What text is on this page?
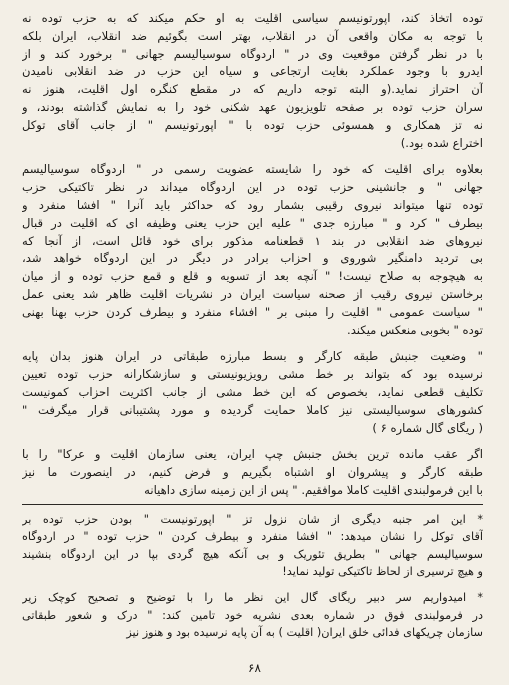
توده اتخاذ کند، اپورتونیسم سیاسی اقلیت به او حکم میکند که به حزب توده نه
با توجه به مکان واقعی آن در انقلاب، بهتر است بگوئیم ضد انقلاب، ایران بلکه
با در نظر گرفتن موقعیت وی در " اردوگاه سوسیالیسم جهانی " برخورد کند و از
ایدرو با وجود عملکرد بغایت ارتجاعی و سیاه این حزب در ضد انقلابی نامیدن
آن احتراز نماید.(و البته توجه داریم که در مقطع کنگره اول اقلیت، هنوز نه
سران حزب توده بر صفحه تلویزیون عهد شکنی خود را به نمایش گذاشته بودند، و
نه تز همکاری و همسوئی حزب توده با " اپورتونیسم " از جانب آقای توکل
اختراع شده بود.)
بعلاوه برای اقلیت که خود را شایسته عضویت رسمی در " اردوگاه سوسیالیسم
جهانی " و جانشینی حزب توده در این اردوگاه میداند در نظر تاکتیکی حزب
توده تنها میتواند نیروی رقیبی بشمار رود که حداکثر باید آنرا " افشا منفرد و
بیطرف " کرد و " مبارزه جدی " علیه این حزب یعنی وظیفه ای که اقلیت در قبال
نیروهای ضد انقلابی در بند ۱ قطعنامه مذکور برای خود قائل است، از آنجا که
بی تردید دامنگیر شوروی و احزاب برادر در دیگر در این اردوگاه خواهد شد،
به هیچوجه به صلاح نیست! " آنچه بعد از تسویه و قلع و قمع حزب توده و از میان
برخاستن نیروی رقیب از صحنه سیاست ایران در نشریات اقلیت ظاهر شد یعنی عمل
" سیاست عمومی " اقلیت را مبنی بر " افشاء منفرد و بیطرف کردن حزب بهنا بهنی
توده " بخوبی منعکس میکند.
" وضعیت جنبش طبقه کارگر و بسط مبارزه طبقاتی در ایران هنوز بدان پایه
نرسیده بود که بتواند بر خط مشی رویزیونیستی و سازشکارانه حزب توده تعیین
تکلیف قطعی نماید، بخصوص که این خط مشی از جانب اکثریت احزاب کمونیست
کشورهای سوسیالیستی نیز کاملا حمایت گردیده و مورد پشتیبانی قرار میگرفت "
( ریگای گال شماره ۶ )
اگر عقب مانده ترین بخش جنبش چپ ایران، یعنی سازمان اقلیت و عرکا" را با
طبقه کارگر و پیشروان او اشتباه بگیریم و فرض کنیم، در اینصورت ما نیز
با این فرمولبندی اقلیت کاملا موافقیم. " پس از این زمینه سازی داهیانه
* این امر جنبه دیگری از شان نزول تز " اپورتونیست " بودن حزب توده بر
آقای توکل را نشان میدهد: " افشا منفرد و بیطرف کردن " حزب توده " در اردوگاه
سوسیالیسم جهانی " بطریق تئوریک و بی آنکه هیچ گردی بپا در این اردوگاه بنشیند
و هیچ ترسیری از لحاظ تاکتیکی تولید نماید!
* امیدواریم سر دبیر ریگای گال این نظر ما را با توضیح و تصحیح کوچک زیر
در فرمولبندی فوق در شماره بعدی نشریه خود تامین کند: " درک و شعور طبقاتی
سازمان چریکهای فدائی خلق ایران( اقلیت ) به آن پایه نرسیده بود و هنوز نیز
۶۸
